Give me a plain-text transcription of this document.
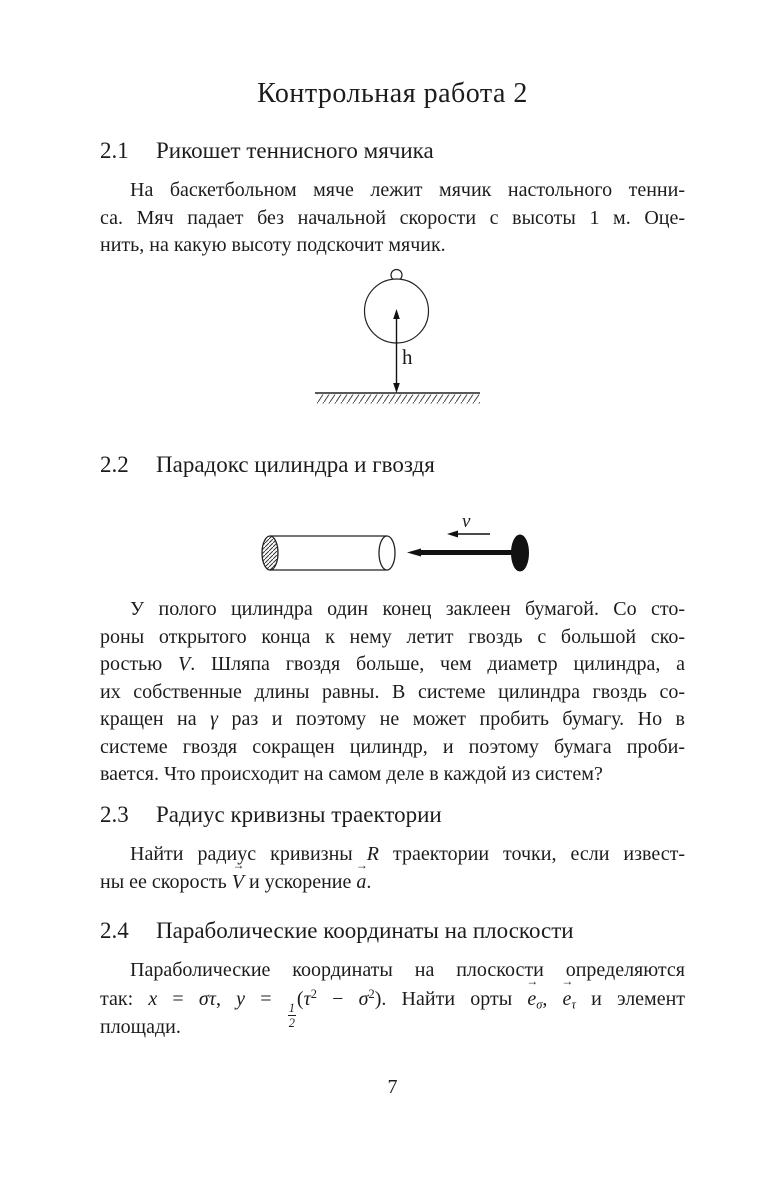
Контрольная работа 2
2.1 Рикошет теннисного мячика
На баскетбольном мяче лежит мячик настольного тенни-
са. Мяч падает без начальной скорости с высоты 1 м. Оце-
нить, на какую высоту подскочит мячик.
h
2.2 Парадокс цилиндра и гвоздя
v
У полого цилиндра один конец заклеен бумагой. Со сто-
роны открытого конца к нему летит гвоздь с большой ско-
ростью V. Шляпа гвоздя больше, чем диаметр цилиндра, а
их собственные длины равны. В системе цилиндра гвоздь со-
кращен на γ раз и поэтому не может пробить бумагу. Но в
системе гвоздя сокращен цилиндр, и поэтому бумага проби-
вается. Что происходит на самом деле в каждой из систем?
2.3 Радиус кривизны траектории
Найти радиус кривизны R траектории точки, если извест-
ны ее скорость → V и ускорение → a.
2.4 Параболические координаты на плоскости
Параболические координаты на плоскости определяются
так: x = στ, y =
$\frac{1}{2}$
$(\tau^2 - \sigma^2)$. Найти орты → $e_\sigma$, → $e_\tau$ и элемент
площади.
7
